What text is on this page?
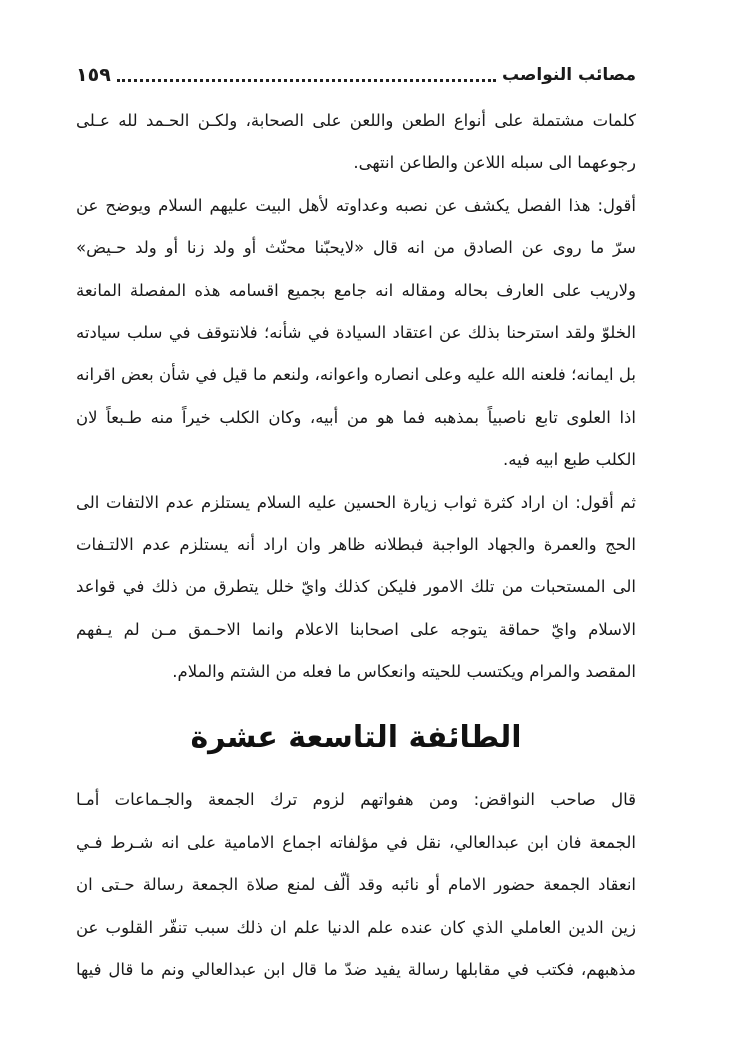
مصائب النواصب
١٥٩
كلمات مشتملة على أنواع الطعن واللعن على الصحابة، ولكـن الحـمد لله عـلى
رجوعهما الى سبله اللاعن والطاعن انتهى.
أقول: هذا الفصل يكشف عن نصبه وعداوته لأهل البيت عليهم السلام ويوضح عن
سرّ ما روى عن الصادق من انه قال «لايحبّنا محنّث أو ولد زنا أو ولد حـيض»
ولاريب على العارف بحاله ومقاله انه جامع بجميع اقسامه هذه المفصلة المانعة
الخلوّ ولقد استرحنا بذلك عن اعتقاد السيادة في شأنه؛ فلانتوقف في سلب سيادته
بل ايمانه؛ فلعنه الله عليه وعلى انصاره واعوانه، ولنعم ما قيل في شأن بعض اقرانه
اذا العلوى تابع ناصبياً بمذهبه فما هو من أبيه، وكان الكلب خيراً منه طـبعاً لان
الكلب طبع ابيه فيه.
ثم أقول: ان اراد كثرة ثواب زيارة الحسين عليه السلام يستلزم عدم الالتفات الى
الحج والعمرة والجهاد الواجبة فبطلانه ظاهر وان اراد أنه يستلزم عدم الالتـفات
الى المستحبات من تلك الامور فليكن كذلك وايّ خلل يتطرق من ذلك في قواعد
الاسلام وايّ حماقة يتوجه على اصحابنا الاعلام وانما الاحـمق مـن لم يـفهم
المقصد والمرام ويكتسب للحيته وانعكاس ما فعله من الشتم والملام.
الطائفة التاسعة عشرة
قال صاحب النواقض: ومن هفواتهم لزوم ترك الجمعة والجـماعات أمـا
الجمعة فان ابن عبدالعالي، نقل في مؤلفاته اجماع الامامية على انه شـرط فـي
انعقاد الجمعة حضور الامام أو نائبه وقد ألّف لمنع صلاة الجمعة رسالة حـتى ان
زين الدين العاملي الذي كان عنده علم الدنيا علم ان ذلك سبب تنفّر القلوب عن
مذهبهم، فكتب في مقابلها رسالة يفيد ضدّ ما قال ابن عبدالعالي ونم ما قال فيها
